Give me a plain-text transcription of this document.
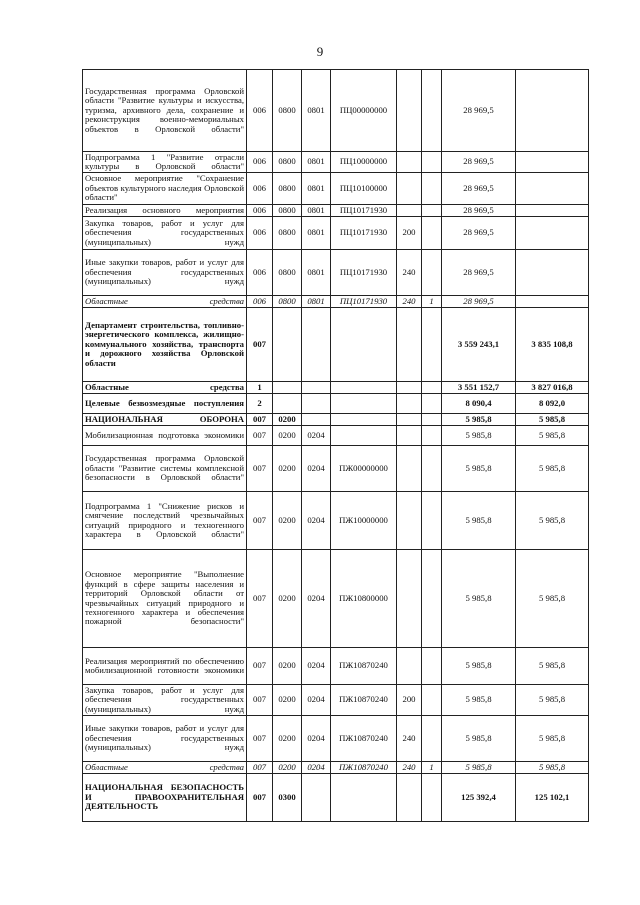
9
Государственная программа Орловской области "Развитие культуры и искусства, туризма, архивного дела, сохранение и реконструкция военно-мемориальных объектов в Орловской области"	006	0800	0801	ПЦ00000000			28 969,5	
Подпрограмма 1 "Развитие отрасли культуры в Орловской области"	006	0800	0801	ПЦ10000000			28 969,5	
Основное мероприятие "Сохранение объектов культурного наследия Орловской области"	006	0800	0801	ПЦ10100000			28 969,5	
Реализация основного мероприятия	006	0800	0801	ПЦ10171930			28 969,5	
Закупка товаров, работ и услуг для обеспечения государственных (муниципальных) нужд	006	0800	0801	ПЦ10171930	200		28 969,5	
Иные закупки товаров, работ и услуг для обеспечения государственных (муниципальных) нужд	006	0800	0801	ПЦ10171930	240		28 969,5	
Областные средства	006	0800	0801	ПЦ10171930	240	1	28 969,5	
Департамент строительства, топливно-энергетического комплекса, жилищно-коммунального хозяйства, транспорта и дорожного хозяйства Орловской области	007						3 559 243,1	3 835 108,8
Областные средства	1						3 551 152,7	3 827 016,8
Целевые безвозмездные поступления	2						8 090,4	8 092,0
НАЦИОНАЛЬНАЯ ОБОРОНА	007	0200					5 985,8	5 985,8
Мобилизационная подготовка экономики	007	0200	0204				5 985,8	5 985,8
Государственная программа Орловской области "Развитие системы комплексной безопасности в Орловской области"	007	0200	0204	ПЖ00000000			5 985,8	5 985,8
Подпрограмма 1 "Снижение рисков и смягчение последствий чрезвычайных ситуаций природного и техногенного характера в Орловской области"	007	0200	0204	ПЖ10000000			5 985,8	5 985,8
Основное мероприятие "Выполнение функций в сфере защиты населения и территорий Орловской области от чрезвычайных ситуаций природного и техногенного характера и обеспечения пожарной безопасности"	007	0200	0204	ПЖ10800000			5 985,8	5 985,8
Реализация мероприятий по обеспечению мобилизационной готовности экономики	007	0200	0204	ПЖ10870240			5 985,8	5 985,8
Закупка товаров, работ и услуг для обеспечения государственных (муниципальных) нужд	007	0200	0204	ПЖ10870240	200		5 985,8	5 985,8
Иные закупки товаров, работ и услуг для обеспечения государственных (муниципальных) нужд	007	0200	0204	ПЖ10870240	240		5 985,8	5 985,8
Областные средства	007	0200	0204	ПЖ10870240	240	1	5 985,8	5 985,8
НАЦИОНАЛЬНАЯ БЕЗОПАСНОСТЬ И ПРАВООХРАНИТЕЛЬНАЯ ДЕЯТЕЛЬНОСТЬ	007	0300					125 392,4	125 102,1
